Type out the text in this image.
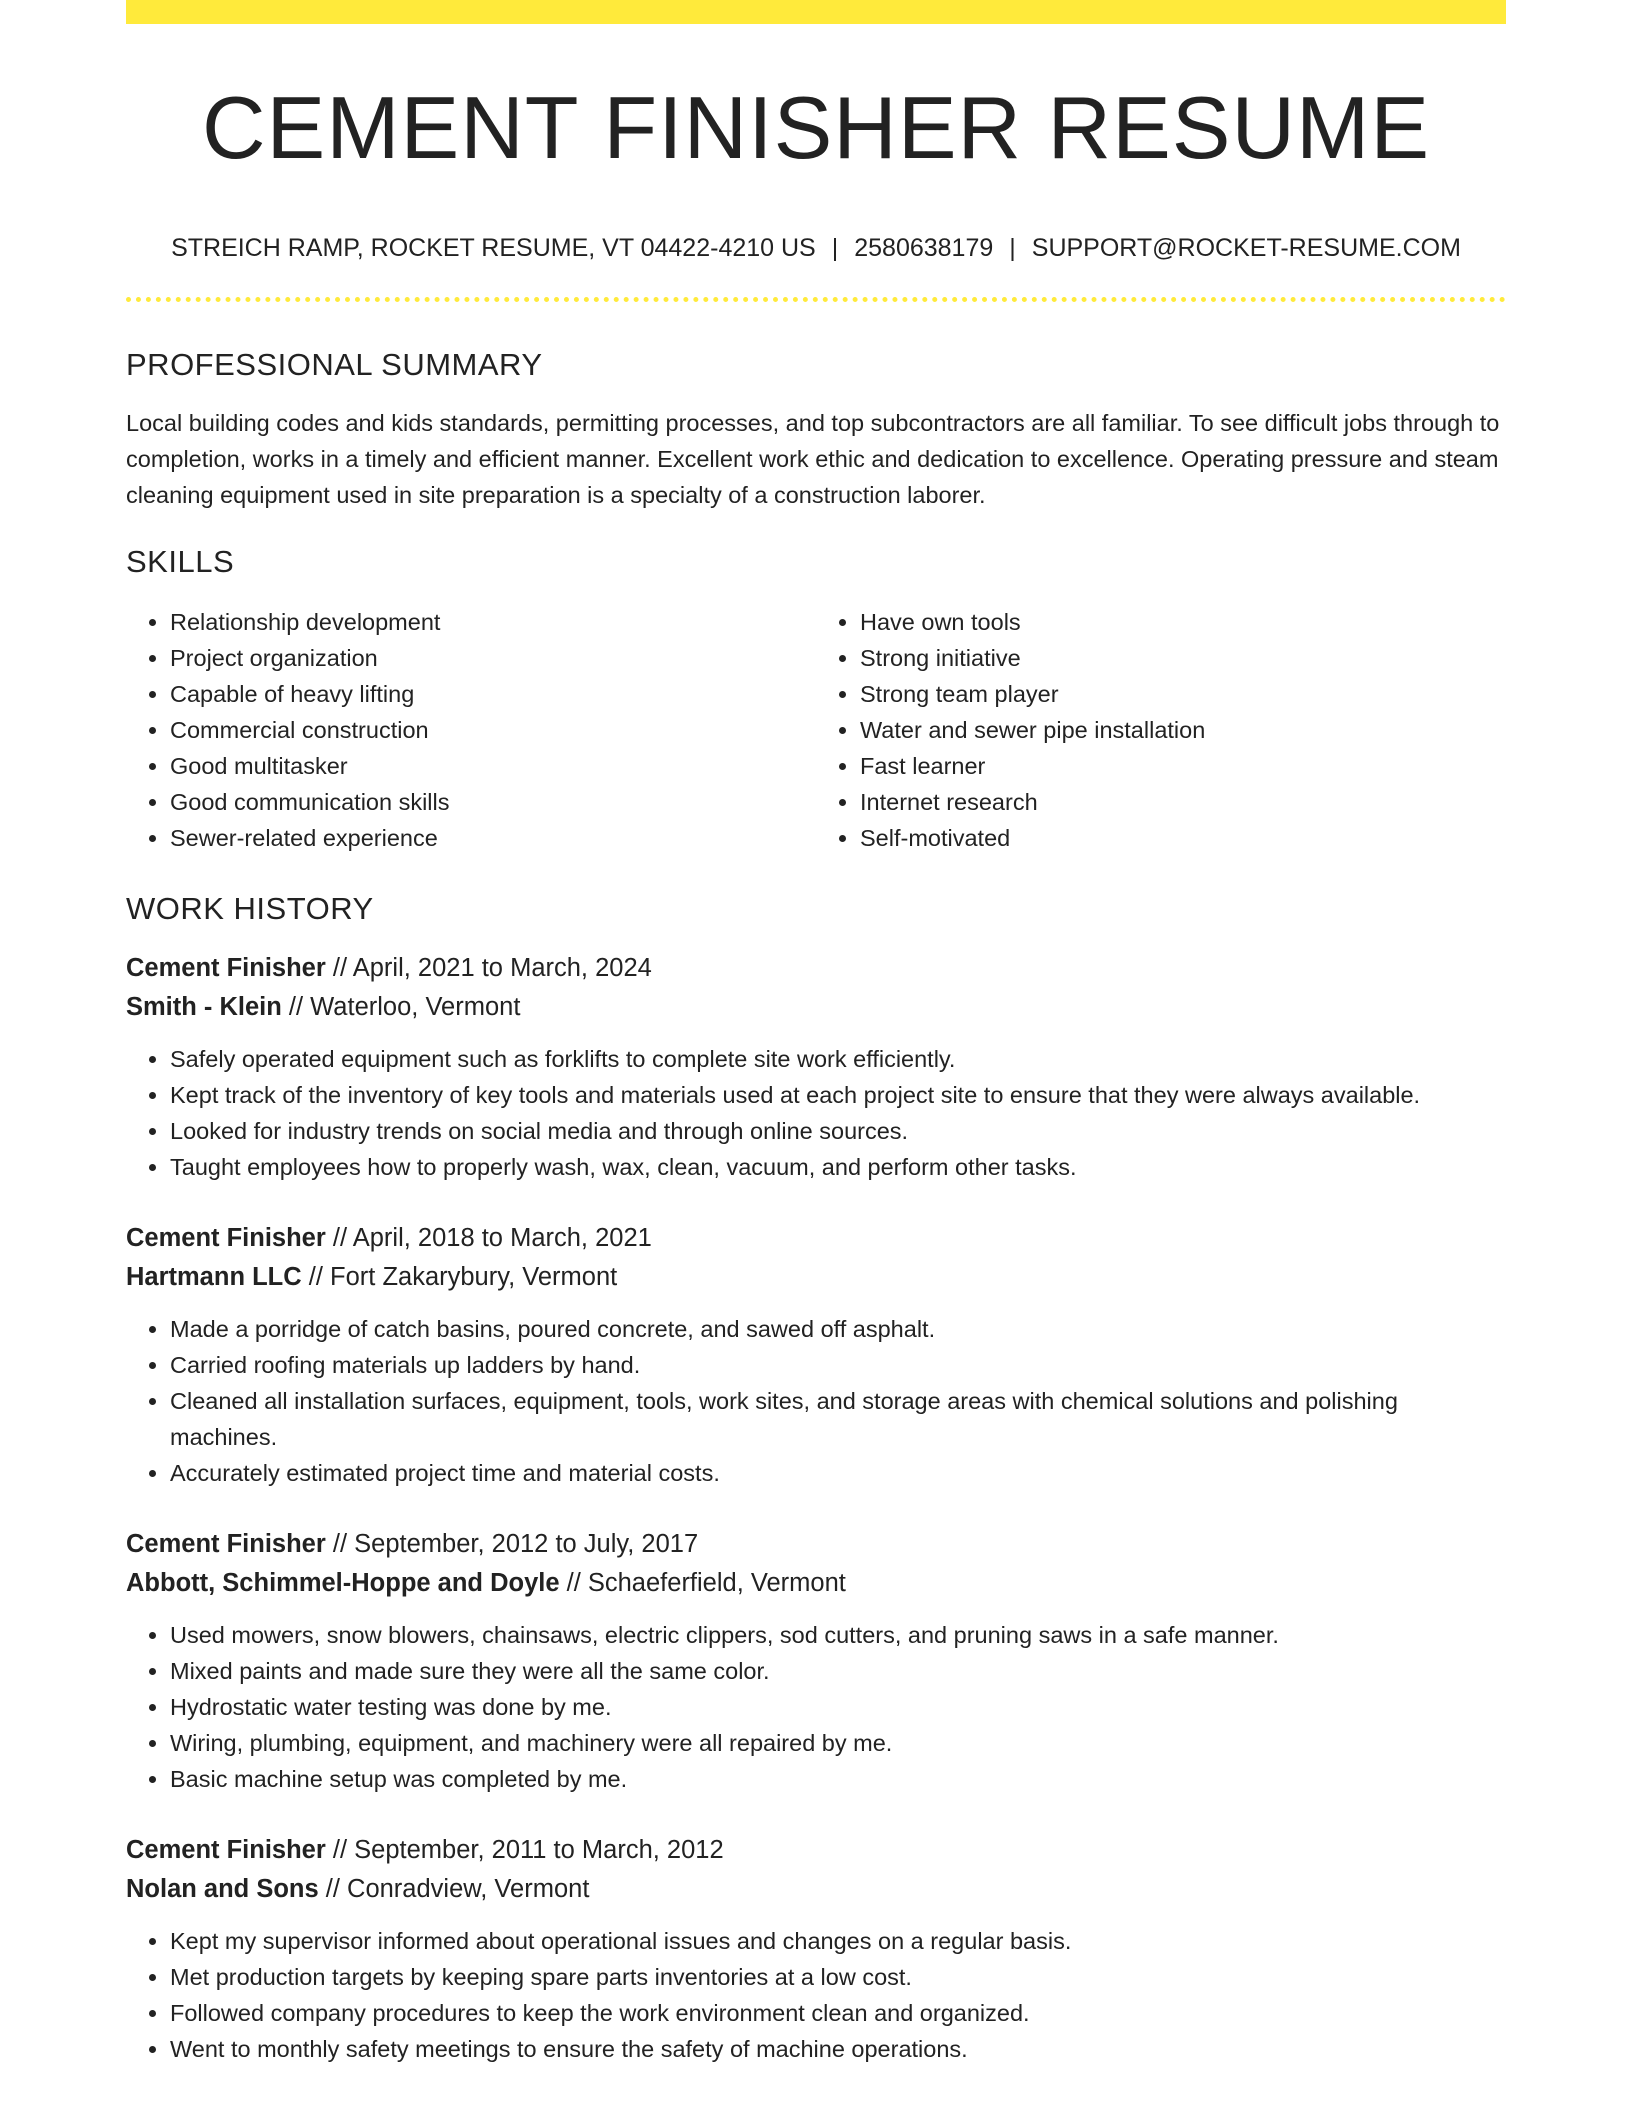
CEMENT FINISHER RESUME
STREICH RAMP, ROCKET RESUME, VT 04422-4210 US | 2580638179 | SUPPORT@ROCKET-RESUME.COM
PROFESSIONAL SUMMARY

Local building codes and kids standards, permitting processes, and top subcontractors are all familiar. To see difficult jobs through to completion, works in a timely and efficient manner. Excellent work ethic and dedication to excellence. Operating pressure and steam cleaning equipment used in site preparation is a specialty of a construction laborer.

SKILLS
• Relationship development
• Project organization
• Capable of heavy lifting
• Commercial construction
• Good multitasker
• Good communication skills
• Sewer-related experience
• Have own tools
• Strong initiative
• Strong team player
• Water and sewer pipe installation
• Fast learner
• Internet research
• Self-motivated
WORK HISTORY
Cement Finisher // April, 2021 to March, 2024
Smith - Klein // Waterloo, Vermont
• Safely operated equipment such as forklifts to complete site work efficiently.
• Kept track of the inventory of key tools and materials used at each project site to ensure that they were always available.
• Looked for industry trends on social media and through online sources.
• Taught employees how to properly wash, wax, clean, vacuum, and perform other tasks.
Cement Finisher // April, 2018 to March, 2021
Hartmann LLC // Fort Zakarybury, Vermont
• Made a porridge of catch basins, poured concrete, and sawed off asphalt.
• Carried roofing materials up ladders by hand.
• Cleaned all installation surfaces, equipment, tools, work sites, and storage areas with chemical solutions and polishing machines.
• Accurately estimated project time and material costs.
Cement Finisher // September, 2012 to July, 2017
Abbott, Schimmel-Hoppe and Doyle // Schaeferfield, Vermont
• Used mowers, snow blowers, chainsaws, electric clippers, sod cutters, and pruning saws in a safe manner.
• Mixed paints and made sure they were all the same color.
• Hydrostatic water testing was done by me.
• Wiring, plumbing, equipment, and machinery were all repaired by me.
• Basic machine setup was completed by me.
Cement Finisher // September, 2011 to March, 2012
Nolan and Sons // Conradview, Vermont
• Kept my supervisor informed about operational issues and changes on a regular basis.
• Met production targets by keeping spare parts inventories at a low cost.
• Followed company procedures to keep the work environment clean and organized.
• Went to monthly safety meetings to ensure the safety of machine operations.
